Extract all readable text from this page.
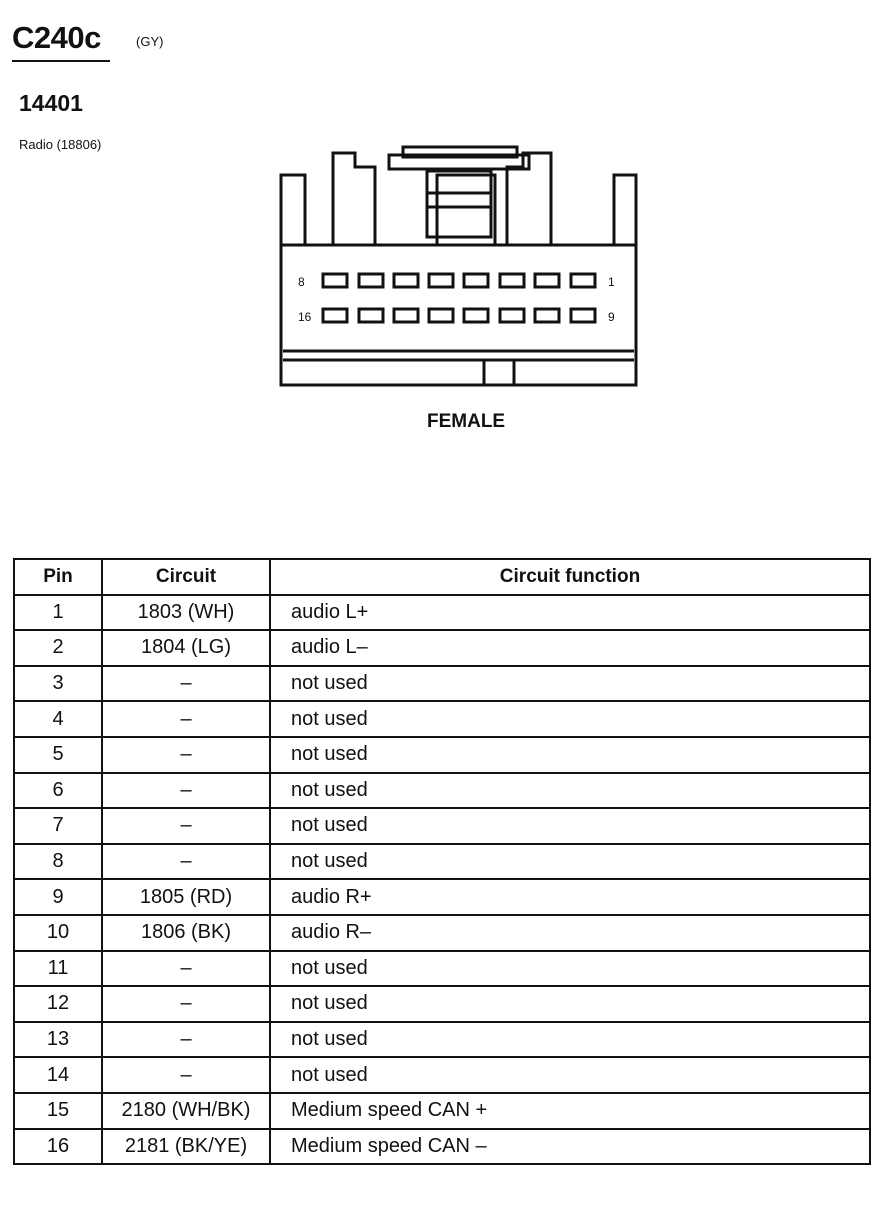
C240c	(GY)
14401
Radio (18806)
8	1
16	9
FEMALE
Pin	Circuit	Circuit function
1	1803 (WH)	audio L+
2	1804 (LG)	audio L–
3	–	not used
4	–	not used
5	–	not used
6	–	not used
7	–	not used
8	–	not used
9	1805 (RD)	audio R+
10	1806 (BK)	audio R–
11	–	not used
12	–	not used
13	–	not used
14	–	not used
15	2180 (WH/BK)	Medium speed CAN +
16	2181 (BK/YE)	Medium speed CAN –
